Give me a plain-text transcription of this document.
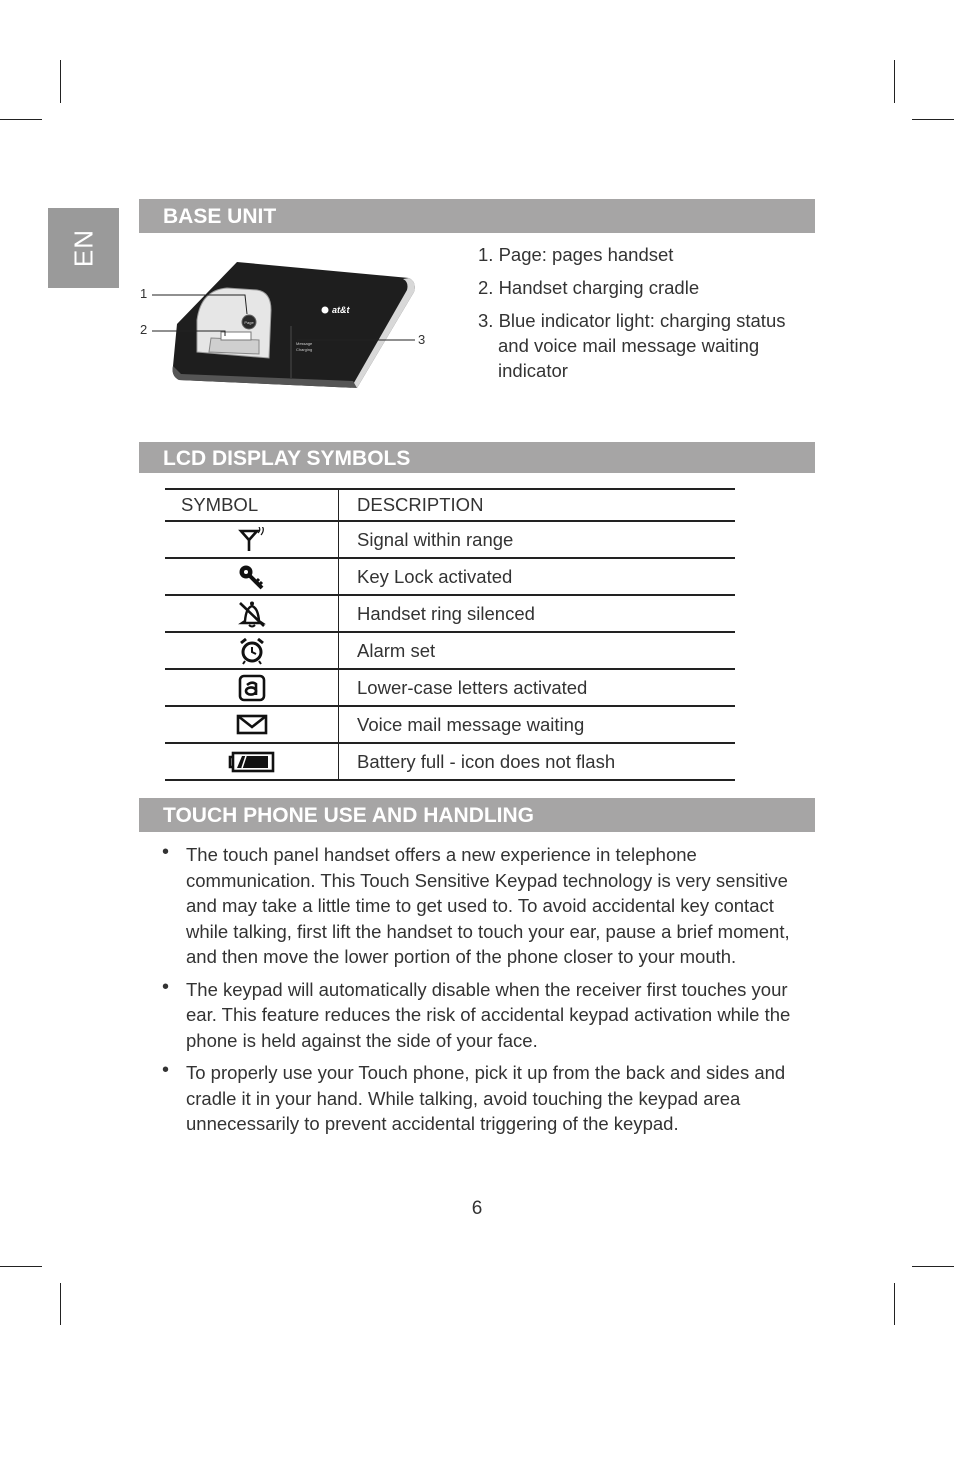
EN
BASE UNIT
Page
at&t
Message
Charging
1
2
3
1. Page: pages handset
2. Handset charging cradle
3. Blue indicator light: charging status and voice mail message waiting indicator
LCD DISPLAY SYMBOLS
SYMBOL	DESCRIPTION
	Signal within range
	Key Lock activated
	Handset ring silenced
	Alarm set
	Lower-case letters activated
	Voice mail message waiting
	Battery full - icon does not flash
TOUCH PHONE USE AND HANDLING
• The touch panel handset offers a new experience in telephone communication. This Touch Sensitive Keypad technology is very sensitive and may take a little time to get used to. To avoid accidental key contact while talking, first lift the handset to touch your ear, pause a brief moment, and then move the lower portion of the phone closer to your mouth.
• The keypad will automatically disable when the receiver first touches your ear. This feature reduces the risk of accidental keypad activation while the phone is held against the side of your face.
• To properly use your Touch phone, pick it up from the back and sides and cradle it in your hand. While talking, avoid touching the keypad area unnecessarily to prevent accidental triggering of the keypad.
6
